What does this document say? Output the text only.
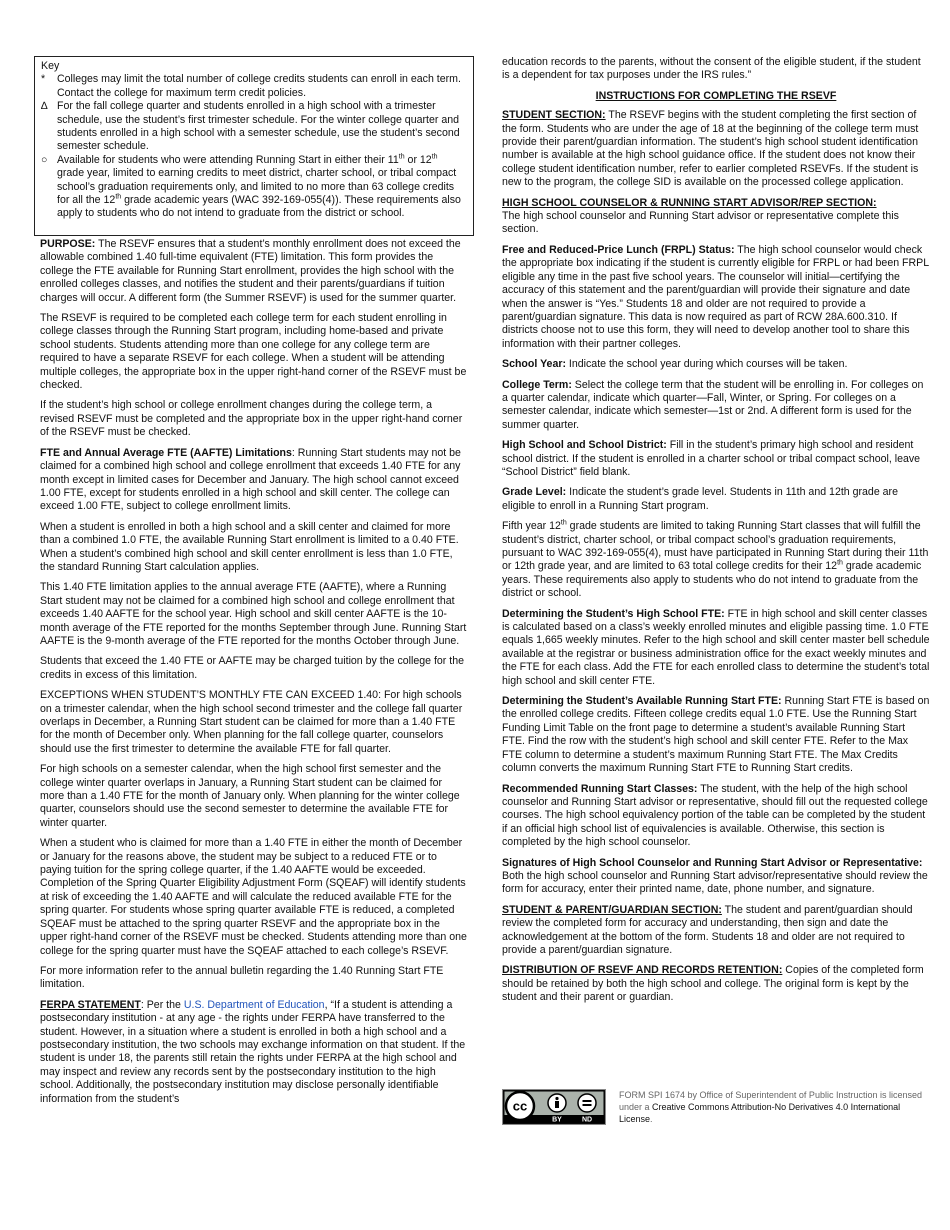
Key

*	Colleges may limit the total number of college credits students can enroll in each term. Contact the college for maximum term credit policies.

∆ For the fall college quarter and students enrolled in a high school with a trimester schedule, use the student’s first trimester schedule. For the winter college quarter and students enrolled in a high school with a semester schedule, use the student’s second semester schedule.

○ Available for students who were attending Running Start in either their 11th or 12th grade year, limited to earning credits to meet district, charter school, or tribal compact school’s graduation requirements only, and limited to no more than 63 college credits for all the 12th grade academic years (WAC 392-169-055(4)). These requirements also apply to students who do not intend to graduate from the district or school.

PURPOSE: The RSEVF ensures that a student’s monthly enrollment does not exceed the allowable combined 1.40 full-time equivalent (FTE) limitation. This form provides the college the FTE available for Running Start enrollment, provides the high school with the enrolled colleges classes, and notifies the student and their parents/guardians if tuition charges will occur. A different form (the Summer RSEVF) is used for the summer quarter.

The RSEVF is required to be completed each college term for each student enrolling in college classes through the Running Start program, including home-based and private school students. Students attending more than one college for any college term are required to have a separate RSEVF for each college. When a student will be attending multiple colleges, the appropriate box in the upper right-hand corner of the RSEVF must be checked.

If the student’s high school or college enrollment changes during the college term, a revised RSEVF must be completed and the appropriate box in the upper right-hand corner of the RSEVF must be checked.

FTE and Annual Average FTE (AAFTE) Limitations: Running Start students may not be claimed for a combined high school and college enrollment that exceeds 1.40 FTE for any month except in limited cases for December and January. The high school cannot exceed 1.00 FTE, except for students enrolled in a high school and skill center. The college can exceed 1.00 FTE, subject to college enrollment limits.

When a student is enrolled in both a high school and a skill center and claimed for more than a combined 1.0 FTE, the available Running Start enrollment is limited to a 0.40 FTE. When a student’s combined high school and skill center enrollment is less than 1.0 FTE, the standard Running Start calculation applies.

This 1.40 FTE limitation applies to the annual average FTE (AAFTE), where a Running Start student may not be claimed for a combined high school and college enrollment that exceeds 1.40 AAFTE for the school year. High school and skill center AAFTE is the 10-month average of the FTE reported for the months September through June. Running Start AAFTE is the 9-month average of the FTE reported for the months October through June.

Students that exceed the 1.40 FTE or AAFTE may be charged tuition by the college for the credits in excess of this limitation.

EXCEPTIONS WHEN STUDENT’S MONTHLY FTE CAN EXCEED 1.40: For high schools on a trimester calendar, when the high school second trimester and the college fall quarter overlaps in December, a Running Start student can be claimed for more than a 1.40 FTE for the month of December only. When planning for the fall college quarter, counselors should use the first trimester to determine the available FTE for fall quarter.

For high schools on a semester calendar, when the high school first semester and the college winter quarter overlaps in January, a Running Start student can be claimed for more than a 1.40 FTE for the month of January only. When planning for the winter college quarter, counselors should use the second semester to determine the available FTE for winter quarter.

When a student who is claimed for more than a 1.40 FTE in either the month of December or January for the reasons above, the student may be subject to a reduced FTE or to paying tuition for the spring college quarter, if the 1.40 AAFTE would be exceeded. Completion of the Spring Quarter Eligibility Adjustment Form (SQEAF) will identify students at risk of exceeding the 1.40 AAFTE and will calculate the reduced available FTE for the spring quarter. For students whose spring quarter available FTE is reduced, a completed SQEAF must be attached to the spring quarter RSEVF and the appropriate box in the upper right-hand corner of the RSEVF must be checked. Students attending more than one college for the spring quarter must have the SQEAF attached to each college’s RSEVF.

For more information refer to the annual bulletin regarding the 1.40 Running Start FTE limitation.

FERPA STATEMENT: Per the U.S. Department of Education, “If a student is attending a postsecondary institution - at any age - the rights under FERPA have transferred to the student. However, in a situation where a student is enrolled in both a high school and a postsecondary institution, the two schools may exchange information on that student. If the student is under 18, the parents still retain the rights under FERPA at the high school and may inspect and review any records sent by the postsecondary institution to the high school. Additionally, the postsecondary institution may disclose personally identifiable information from the student’s

education records to the parents, without the consent of the eligible student, if the student is a dependent for tax purposes under the IRS rules.”

INSTRUCTIONS FOR COMPLETING THE RSEVF

STUDENT SECTION: The RSEVF begins with the student completing the first section of the form. Students who are under the age of 18 at the beginning of the college term must provide their parent/guardian information. The student’s high school student identification number is available at the high school guidance office. If the student does not know their college student identification number, refer to earlier completed RSEVFs. If the student is new to the program, the college SID is available on the processed college application.

HIGH SCHOOL COUNSELOR & RUNNING START ADVISOR/REP SECTION:

The high school counselor and Running Start advisor or representative complete this section.

Free and Reduced-Price Lunch (FRPL) Status: The high school counselor would check the appropriate box indicating if the student is currently eligible for FRPL or had been FRPL eligible any time in the past five school years. The counselor will initial—certifying the accuracy of this statement and the parent/guardian will provide their signature and date when the answer is “Yes.” Students 18 and older are not required to provide a parent/guardian signature. This data is now required as part of RCW 28A.600.310. If districts choose not to use this form, they will need to develop another tool to share this information with their partner colleges.

School Year: Indicate the school year during which courses will be taken.

College Term: Select the college term that the student will be enrolling in. For colleges on a quarter calendar, indicate which quarter—Fall, Winter, or Spring. For colleges on a semester calendar, indicate which semester—1st or 2nd. A different form is used for the summer quarter.

High School and School District: Fill in the student’s primary high school and resident school district. If the student is enrolled in a charter school or tribal compact school, leave “School District” field blank.

Grade Level: Indicate the student’s grade level. Students in 11th and 12th grade are eligible to enroll in a Running Start program.

Fifth year 12th grade students are limited to taking Running Start classes that will fulfill the student’s district, charter school, or tribal compact school’s graduation requirements, pursuant to WAC 392-169-055(4), must have participated in Running Start during their 11th or 12th grade year, and are limited to 63 total college credits for their 12th grade academic years. These requirements also apply to students who do not intend to graduate from the district or school.

Determining the Student’s High School FTE: FTE in high school and skill center classes is calculated based on a class’s weekly enrolled minutes and eligible passing time. 1.0 FTE equals 1,665 weekly minutes. Refer to the high school and skill center master bell schedule available at the registrar or business administration office for the exact weekly minutes and the FTE for each class. Add the FTE for each enrolled class to determine the student’s total high school and skill center FTE.

Determining the Student’s Available Running Start FTE: Running Start FTE is based on the enrolled college credits. Fifteen college credits equal 1.0 FTE. Use the Running Start Funding Limit Table on the front page to determine a student’s available Running Start FTE. Find the row with the student’s high school and skill center FTE. Refer to the Max FTE column to determine a student’s maximum Running Start FTE. The Max Credits column converts the maximum Running Start FTE to Running Start credits.

Recommended Running Start Classes: The student, with the help of the high school counselor and Running Start advisor or representative, should fill out the requested college courses. The high school equivalency portion of the table can be completed by the student if an official high school list of equivalencies is available. Otherwise, this section is completed by the high school counselor.

Signatures of High School Counselor and Running Start Advisor or Representative: Both the high school counselor and Running Start advisor/representative should review the form for accuracy, enter their printed name, date, phone number, and signature.

STUDENT & PARENT/GUARDIAN SECTION: The student and parent/guardian should review the completed form for accuracy and understanding, then sign and date the acknowledgement at the bottom of the form. Students 18 and older are not required to provide a parent/guardian signature.

DISTRIBUTION OF RSEVF AND RECORDS RETENTION: Copies of the completed form should be retained by both the high school and college. The original form is kept by the student and their parent or guardian.

cc
BY	ND
FORM SPI 1674 by Office of Superintendent of Public Instruction is licensed under a Creative Commons Attribution-No Derivatives 4.0 International License.
